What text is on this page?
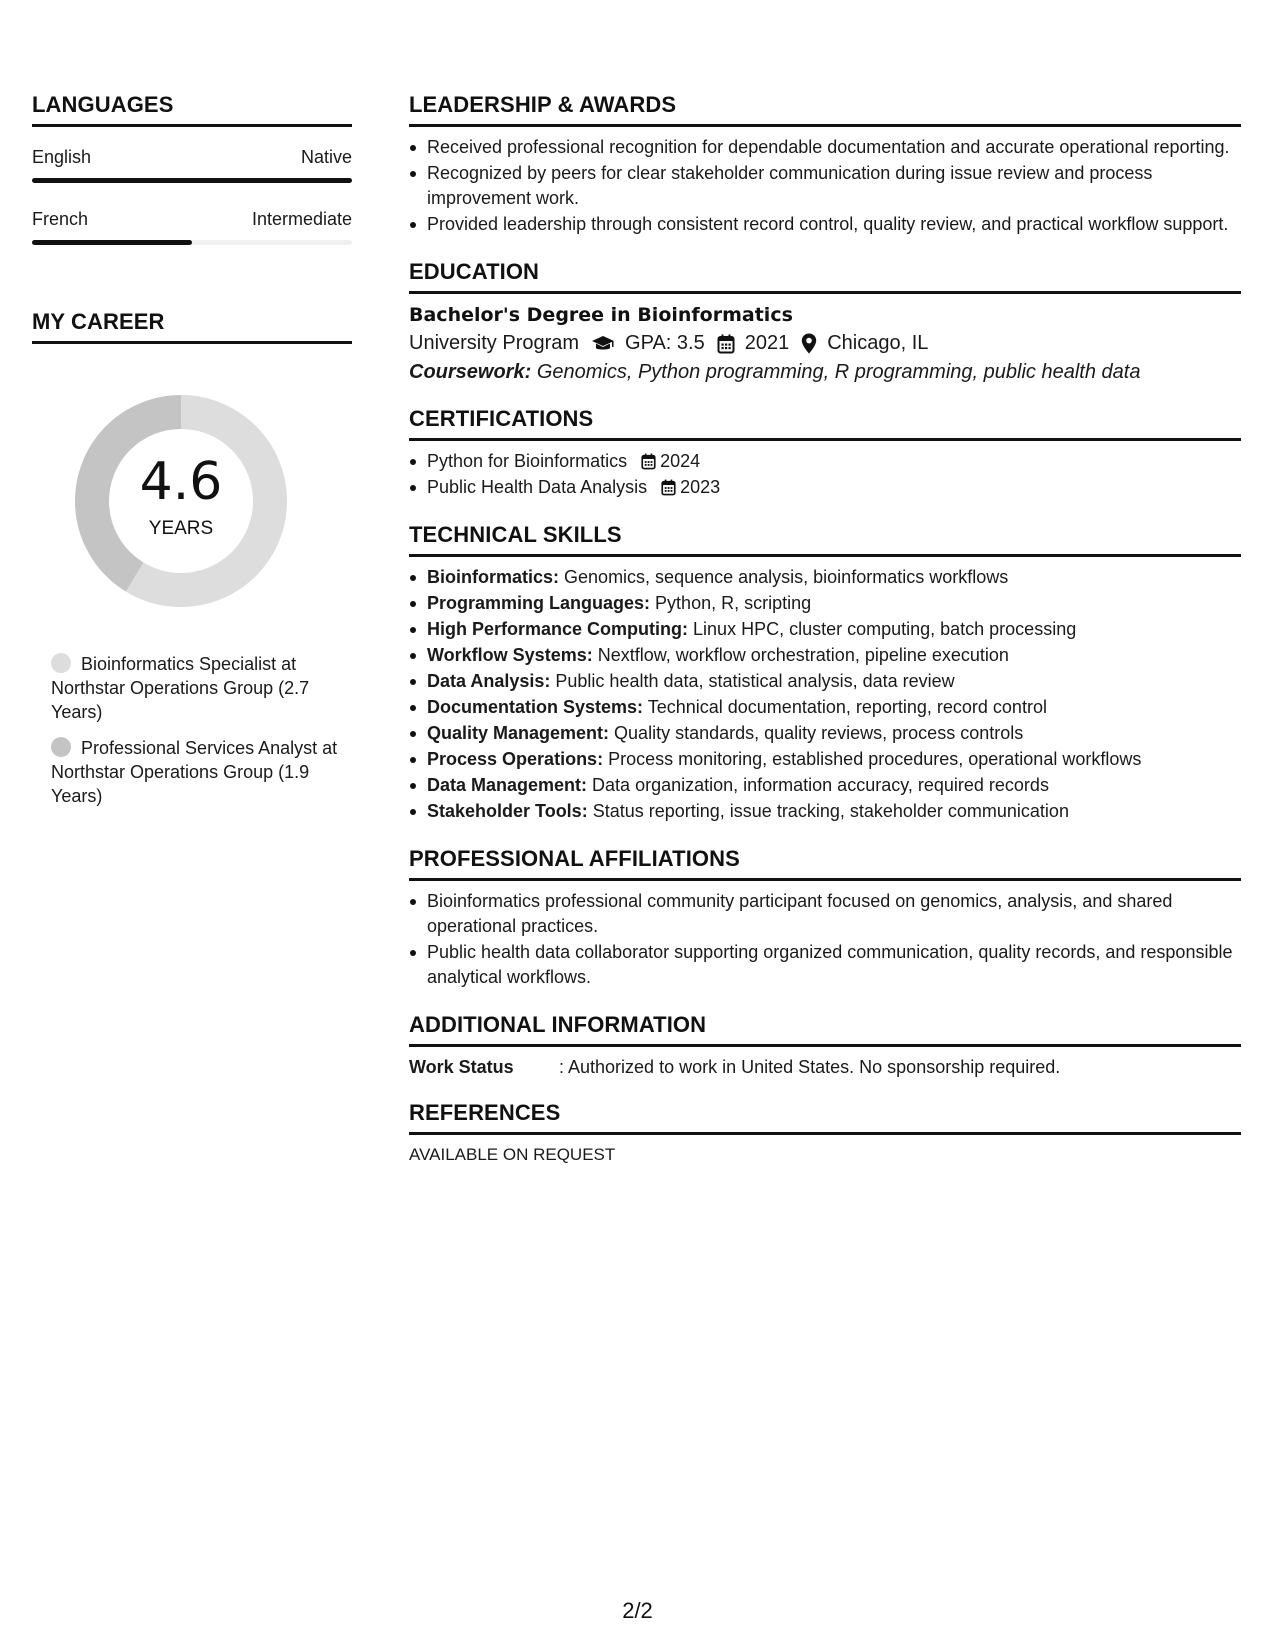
LANGUAGES
English	Native
French	Intermediate
MY CAREER
4.6
YEARS
Bioinformatics Specialist at Northstar Operations Group (2.7 Years)
Professional Services Analyst at Northstar Operations Group (1.9 Years)
LEADERSHIP & AWARDS
Received professional recognition for dependable documentation and accurate operational reporting.
Recognized by peers for clear stakeholder communication during issue review and process improvement work.
Provided leadership through consistent record control, quality review, and practical workflow support.
EDUCATION
Bachelor's Degree in Bioinformatics
University Program GPA: 3.5 2021 Chicago, IL
Coursework: Genomics, Python programming, R programming, public health data
CERTIFICATIONS
Python for Bioinformatics 2024
Public Health Data Analysis 2023
TECHNICAL SKILLS
Bioinformatics: Genomics, sequence analysis, bioinformatics workflows
Programming Languages: Python, R, scripting
High Performance Computing: Linux HPC, cluster computing, batch processing
Workflow Systems: Nextflow, workflow orchestration, pipeline execution
Data Analysis: Public health data, statistical analysis, data review
Documentation Systems: Technical documentation, reporting, record control
Quality Management: Quality standards, quality reviews, process controls
Process Operations: Process monitoring, established procedures, operational workflows
Data Management: Data organization, information accuracy, required records
Stakeholder Tools: Status reporting, issue tracking, stakeholder communication
PROFESSIONAL AFFILIATIONS
Bioinformatics professional community participant focused on genomics, analysis, and shared operational practices.
Public health data collaborator supporting organized communication, quality records, and responsible analytical workflows.
ADDITIONAL INFORMATION
Work Status	: Authorized to work in United States. No sponsorship required.
REFERENCES
AVAILABLE ON REQUEST
2/2
